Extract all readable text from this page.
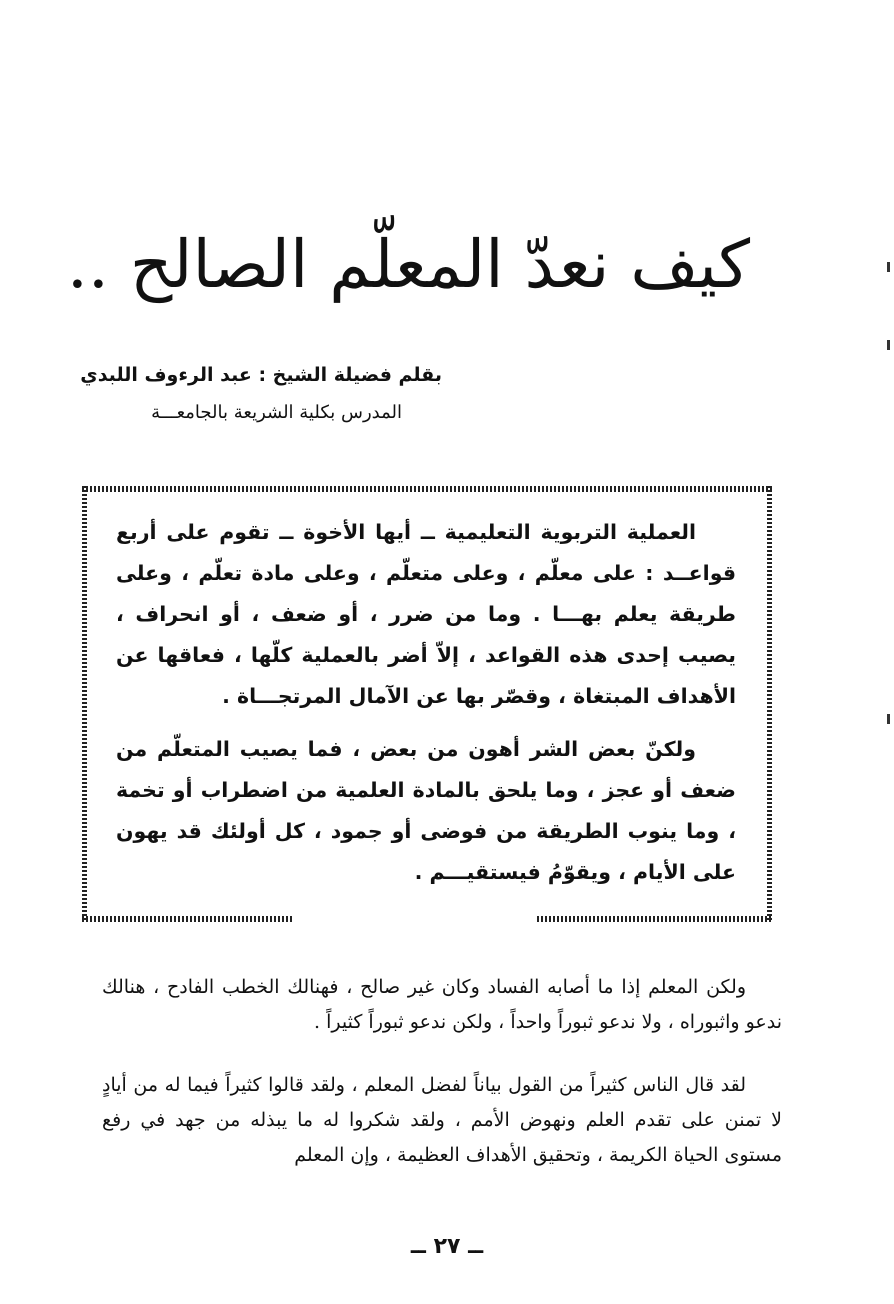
كيف نعدّ المعلّم الصالح ..
بقلم فضيلة الشيخ : عبد الرءوف اللبدي
المدرس بكلية الشريعة بالجامعـــة

العملية التربوية التعليمية ــ أيها الأخوة ــ تقوم على أربع قواعــد : على معلّم ، وعلى متعلّم ، وعلى مادة تعلّم ، وعلى طريقة يعلم بهـــا . وما من ضرر ، أو ضعف ، أو انحراف ، يصيب إحدى هذه القواعد ، إلاّ أضر بالعملية كلّها ، فعاقها عن الأهداف المبتغاة ، وقصّر بها عن الآمال المرتجـــاة .

ولكنّ بعض الشر أهون من بعض ، فما يصيب المتعلّم من ضعف أو عجز ، وما يلحق بالمادة العلمية من اضطراب أو تخمة ، وما ينوب الطريقة من فوضى أو جمود ، كل أولئك قد يهون على الأيام ، ويقوّمُ فيستقيـــم .

ولكن المعلم إذا ما أصابه الفساد وكان غير صالح ، فهنالك الخطب الفادح ، هنالك ندعو واثبوراه ، ولا ندعو ثبوراً واحداً ، ولكن ندعو ثبوراً كثيراً .

لقد قال الناس كثيراً من القول بياناً لفضل المعلم ، ولقد قالوا كثيراً فيما له من أيادٍ لا تمنن على تقدم العلم ونهوض الأمم ، ولقد شكروا له ما يبذله من جهد في رفع مستوى الحياة الكريمة ، وتحقيق الأهداف العظيمة ، وإن المعلم

ــ ٢٧ ــ
